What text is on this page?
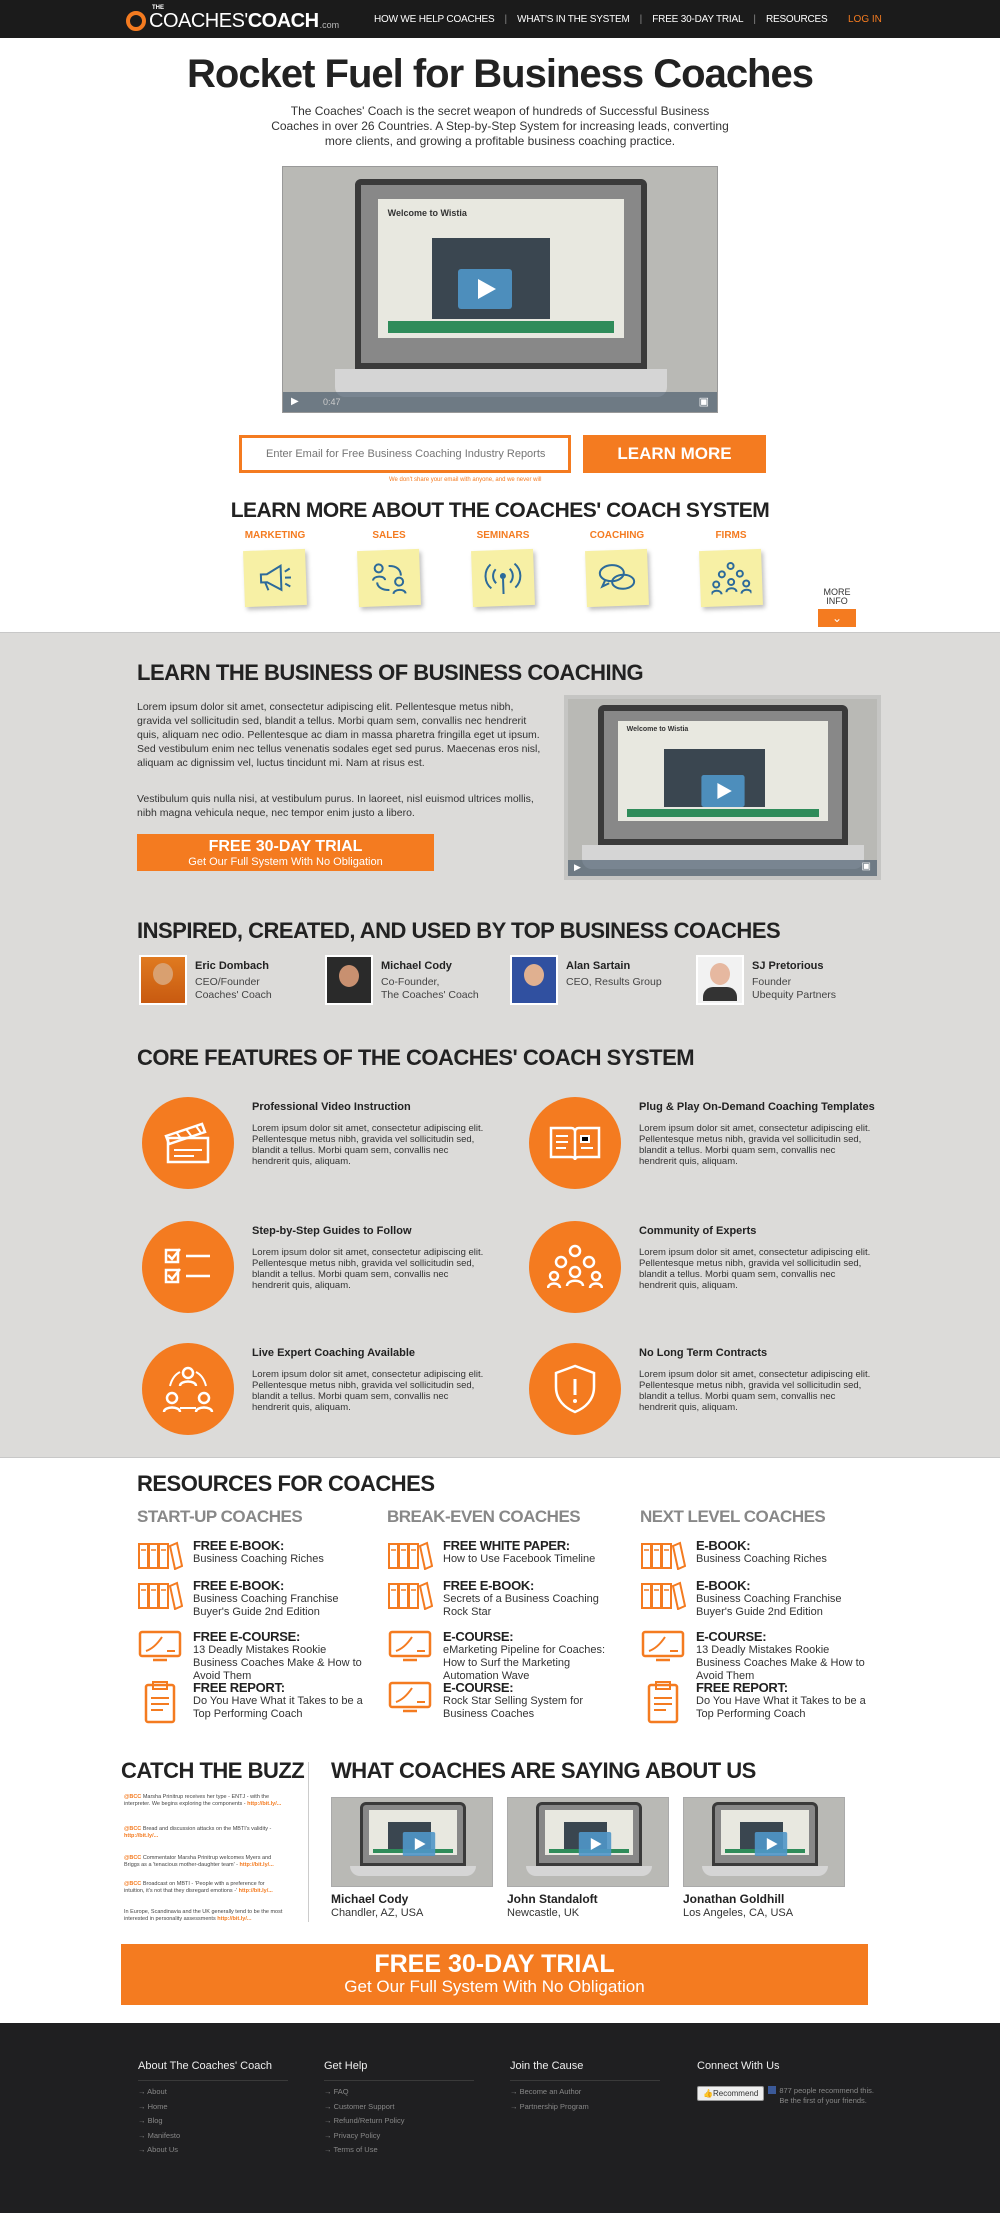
THE
COACHES' COACH .com
HOW WE HELP COACHES | WHAT'S IN THE SYSTEM | FREE 30-DAY TRIAL | RESOURCES LOG IN
Rocket Fuel for Business Coaches
The Coaches' Coach is the secret weapon of hundreds of Successful Business Coaches in over 26 Countries. A Step-by-Step System for increasing leads, converting more clients, and growing a profitable business coaching practice.
Welcome to Wistia
▶	0:47	▣
Enter Email for Free Business Coaching Industry Reports
LEARN MORE
We don't share your email with anyone, and we never will
LEARN MORE ABOUT THE COACHES' COACH SYSTEM
MARKETING	SALES	SEMINARS	COACHING	FIRMS
MORE
INFO
⌄
LEARN THE BUSINESS OF BUSINESS COACHING
Lorem ipsum dolor sit amet, consectetur adipiscing elit. Pellentesque metus nibh, gravida vel sollicitudin sed, blandit a tellus. Morbi quam sem, convallis nec hendrerit quis, aliquam nec odio. Pellentesque ac diam in massa pharetra fringilla eget ut ipsum. Sed vestibulum enim nec tellus venenatis sodales eget sed purus. Maecenas eros nisl, aliquam ac dignissim vel, luctus tincidunt mi. Nam at risus est.
Vestibulum quis nulla nisi, at vestibulum purus. In laoreet, nisl euismod ultrices mollis, nibh magna vehicula neque, nec tempor enim justo a libero.
FREE 30-DAY TRIAL
Get Our Full System With No Obligation
Welcome to Wistia
▶	▣
INSPIRED, CREATED, AND USED BY TOP BUSINESS COACHES
Eric Dombach
CEO/Founder
Coaches' Coach
Michael Cody
Co-Founder,
The Coaches' Coach
Alan Sartain
CEO, Results Group
SJ Pretorious
Founder
Ubequity Partners
CORE FEATURES OF THE COACHES' COACH SYSTEM
Professional Video Instruction
Lorem ipsum dolor sit amet, consectetur adipiscing elit. Pellentesque metus nibh, gravida vel sollicitudin sed, blandit a tellus. Morbi quam sem, convallis nec hendrerit quis, aliquam.
Plug & Play On-Demand Coaching Templates
Lorem ipsum dolor sit amet, consectetur adipiscing elit. Pellentesque metus nibh, gravida vel sollicitudin sed, blandit a tellus. Morbi quam sem, convallis nec hendrerit quis, aliquam.
Step-by-Step Guides to Follow
Lorem ipsum dolor sit amet, consectetur adipiscing elit. Pellentesque metus nibh, gravida vel sollicitudin sed, blandit a tellus. Morbi quam sem, convallis nec hendrerit quis, aliquam.
Community of Experts
Lorem ipsum dolor sit amet, consectetur adipiscing elit. Pellentesque metus nibh, gravida vel sollicitudin sed, blandit a tellus. Morbi quam sem, convallis nec hendrerit quis, aliquam.
Live Expert Coaching Available
Lorem ipsum dolor sit amet, consectetur adipiscing elit. Pellentesque metus nibh, gravida vel sollicitudin sed, blandit a tellus. Morbi quam sem, convallis nec hendrerit quis, aliquam.
No Long Term Contracts
Lorem ipsum dolor sit amet, consectetur adipiscing elit. Pellentesque metus nibh, gravida vel sollicitudin sed, blandit a tellus. Morbi quam sem, convallis nec hendrerit quis, aliquam.
RESOURCES FOR COACHES
START-UP COACHES	BREAK-EVEN COACHES	NEXT LEVEL COACHES
FREE E-BOOK:
Business Coaching Riches
FREE E-BOOK:
Business Coaching Franchise Buyer's Guide 2nd Edition
FREE E-COURSE:
13 Deadly Mistakes Rookie Business Coaches Make & How to Avoid Them
FREE REPORT:
Do You Have What it Takes to be a Top Performing Coach
FREE WHITE PAPER:
How to Use Facebook Timeline
FREE E-BOOK:
Secrets of a Business Coaching Rock Star
E-COURSE:
eMarketing Pipeline for Coaches: How to Surf the Marketing Automation Wave
E-COURSE:
Rock Star Selling System for Business Coaches
E-BOOK:
Business Coaching Riches
E-BOOK:
Business Coaching Franchise Buyer's Guide 2nd Edition
E-COURSE:
13 Deadly Mistakes Rookie Business Coaches Make & How to Avoid Them
FREE REPORT:
Do You Have What it Takes to be a Top Performing Coach
CATCH THE BUZZ
@BCC Marsha Prinitrup receives her type - ENTJ - with the interpreter. We begins exploring the components - http://bit.ly/...
@BCC Bread and discussion attacks on the MBTI's validity - http://bit.ly/...
@BCC Commentator Marsha Prinitrup welcomes Myers and Briggs as a 'tenacious mother-daughter team' - http://bit.ly/...
@BCC Broadcast on MBTI - 'People with a preference for intuition, it's not that they disregard emotions -' http://bit.ly/...
In Europe, Scandinavia and the UK generally tend to be the most interested in personality assessments http://bit.ly/...
WHAT COACHES ARE SAYING ABOUT US
Michael Cody
Chandler, AZ, USA
John Standaloft
Newcastle, UK
Jonathan Goldhill
Los Angeles, CA, USA
FREE 30-DAY TRIAL
Get Our Full System With No Obligation
About The Coaches' Coach
→ About
→ Home
→ Blog
→ Manifesto
→ About Us
Get Help
→ FAQ
→ Customer Support
→ Refund/Return Policy
→ Privacy Policy
→ Terms of Use
Join the Cause
→ Become an Author
→ Partnership Program
Connect With Us
👍Recommend	877 people recommend this. Be the first of your friends.
